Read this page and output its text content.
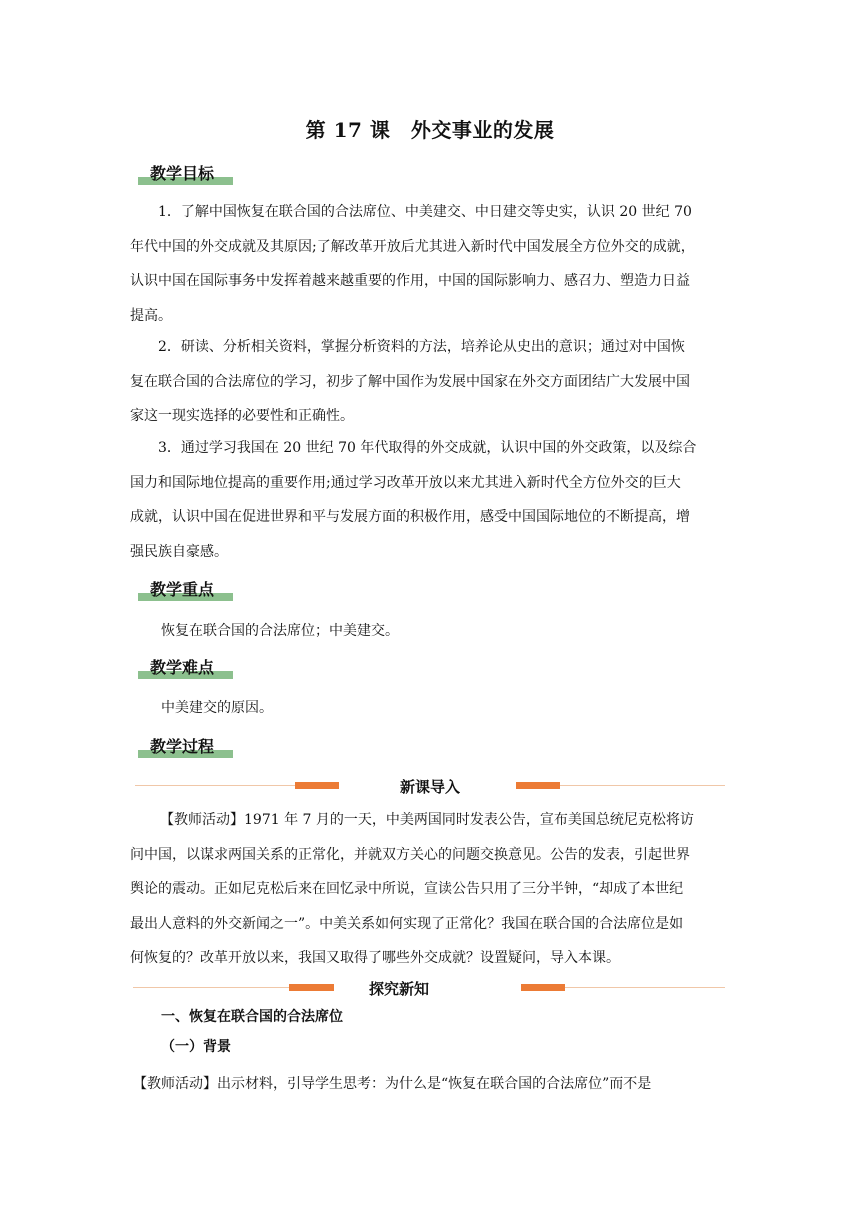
第 17 课　外交事业的发展
教学目标
1．了解中国恢复在联合国的合法席位、中美建交、中日建交等史实，认识 20 世纪 70
年代中国的外交成就及其原因;了解改革开放后尤其进入新时代中国发展全方位外交的成就，
认识中国在国际事务中发挥着越来越重要的作用，中国的国际影响力、感召力、塑造力日益
提高。
2．研读、分析相关资料，掌握分析资料的方法，培养论从史出的意识；通过对中国恢
复在联合国的合法席位的学习，初步了解中国作为发展中国家在外交方面团结广大发展中国
家这一现实选择的必要性和正确性。
3．通过学习我国在 20 世纪 70 年代取得的外交成就，认识中国的外交政策，以及综合
国力和国际地位提高的重要作用;通过学习改革开放以来尤其进入新时代全方位外交的巨大
成就，认识中国在促进世界和平与发展方面的积极作用，感受中国国际地位的不断提高，增
强民族自豪感。
教学重点
恢复在联合国的合法席位；中美建交。
教学难点
中美建交的原因。
教学过程
新课导入
【教师活动】1971 年 7 月的一天，中美两国同时发表公告，宣布美国总统尼克松将访
问中国，以谋求两国关系的正常化，并就双方关心的问题交换意见。公告的发表，引起世界
舆论的震动。正如尼克松后来在回忆录中所说，宣读公告只用了三分半钟，“却成了本世纪
最出人意料的外交新闻之一”。中美关系如何实现了正常化？我国在联合国的合法席位是如
何恢复的？改革开放以来，我国又取得了哪些外交成就？设置疑问，导入本课。
探究新知
一、恢复在联合国的合法席位
（一）背景
【教师活动】出示材料，引导学生思考：为什么是“恢复在联合国的合法席位”而不是
